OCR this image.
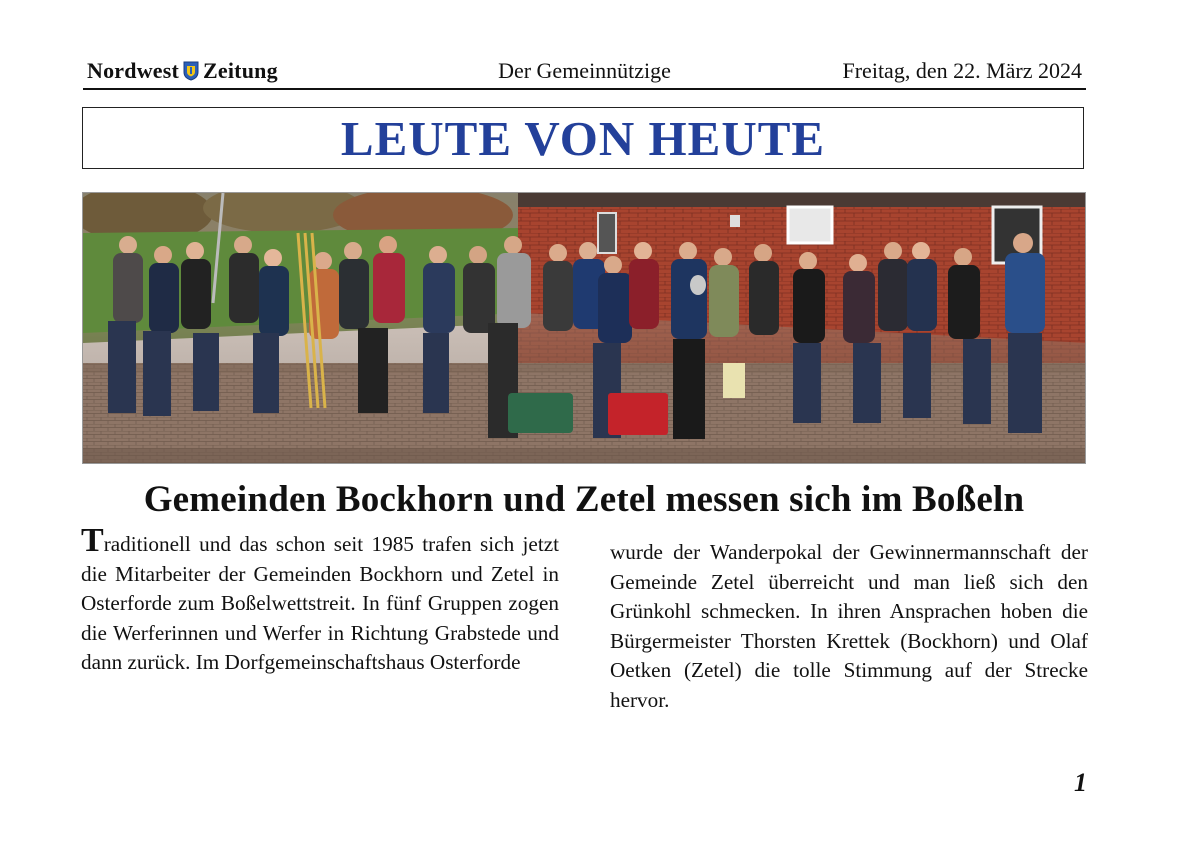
Nordwest Zeitung	Der Gemeinnützige	Freitag, den 22. März 2024
LEUTE VON HEUTE
Gemeinden Bockhorn und Zetel messen sich im Boßeln
Traditionell und das schon seit 1985 trafen sich jetzt die Mitarbeiter der Gemeinden Bockhorn und Zetel in Osterforde zum Boßelwettstreit. In fünf Gruppen zogen die Werferinnen und Werfer in Richtung Grabstede und dann zurück. Im Dorfgemeinschaftshaus Osterforde
wurde der Wanderpokal der Gewinnermannschaft der Gemeinde Zetel überreicht und man ließ sich den Grünkohl schmecken. In ihren Ansprachen hoben die Bürgermeister Thorsten Krettek (Bockhorn) und Olaf Oetken (Zetel) die tolle Stimmung auf der Strecke hervor.
1
